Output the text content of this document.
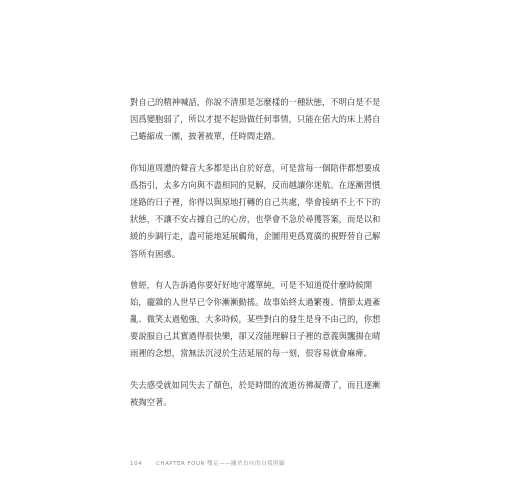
對自己的精神喊話，你說不清那是怎麼樣的一種狀態，不明白是不是
因爲變胞弱了，所以才提不起勁做任何事情，只能在偌大的床上將自
己蜷縮成一團，披著被單，任時間走踏。

你知道周遭的聲音大多都是出自於好意，可是當每一個陪伴都想要成
爲指引，太多方向與不盡相同的見解，反而越讓你迷航。在逐漸習慣
迷路的日子裡，你得以與原地打轉的自己共處，學會接納不上不下的
狀態，不讓不安占據自己的心房，也學會不急於尋獲答案，而是以和
緩的步調行走，盡可能地延展觸角，企圖用更爲寬廣的視野替自己解
答所有困惑。

曾經，有人告訴過你要好好地守護單純，可是不知道從什麼時候開
始，龐雜的人世早已令你漸漸動搖。故事始終太過繁複、情節太過紊
亂、微笑太過勉強，大多時候，某些對白的發生是身不由己的，你想
要說服自己其實過得很快樂，卻又沒能理解日子裡的意義與飄揚在晴
雨裡的念想，當無法沉浸於生活延展的每一刻，很容易就會麻痺。

失去感受就如同失去了顏色，於是時間的流逝彷彿凝滯了，而且逐漸
被掏空著。

104	CHAPTER FOUR 雙足——關於負向的自我照顧
